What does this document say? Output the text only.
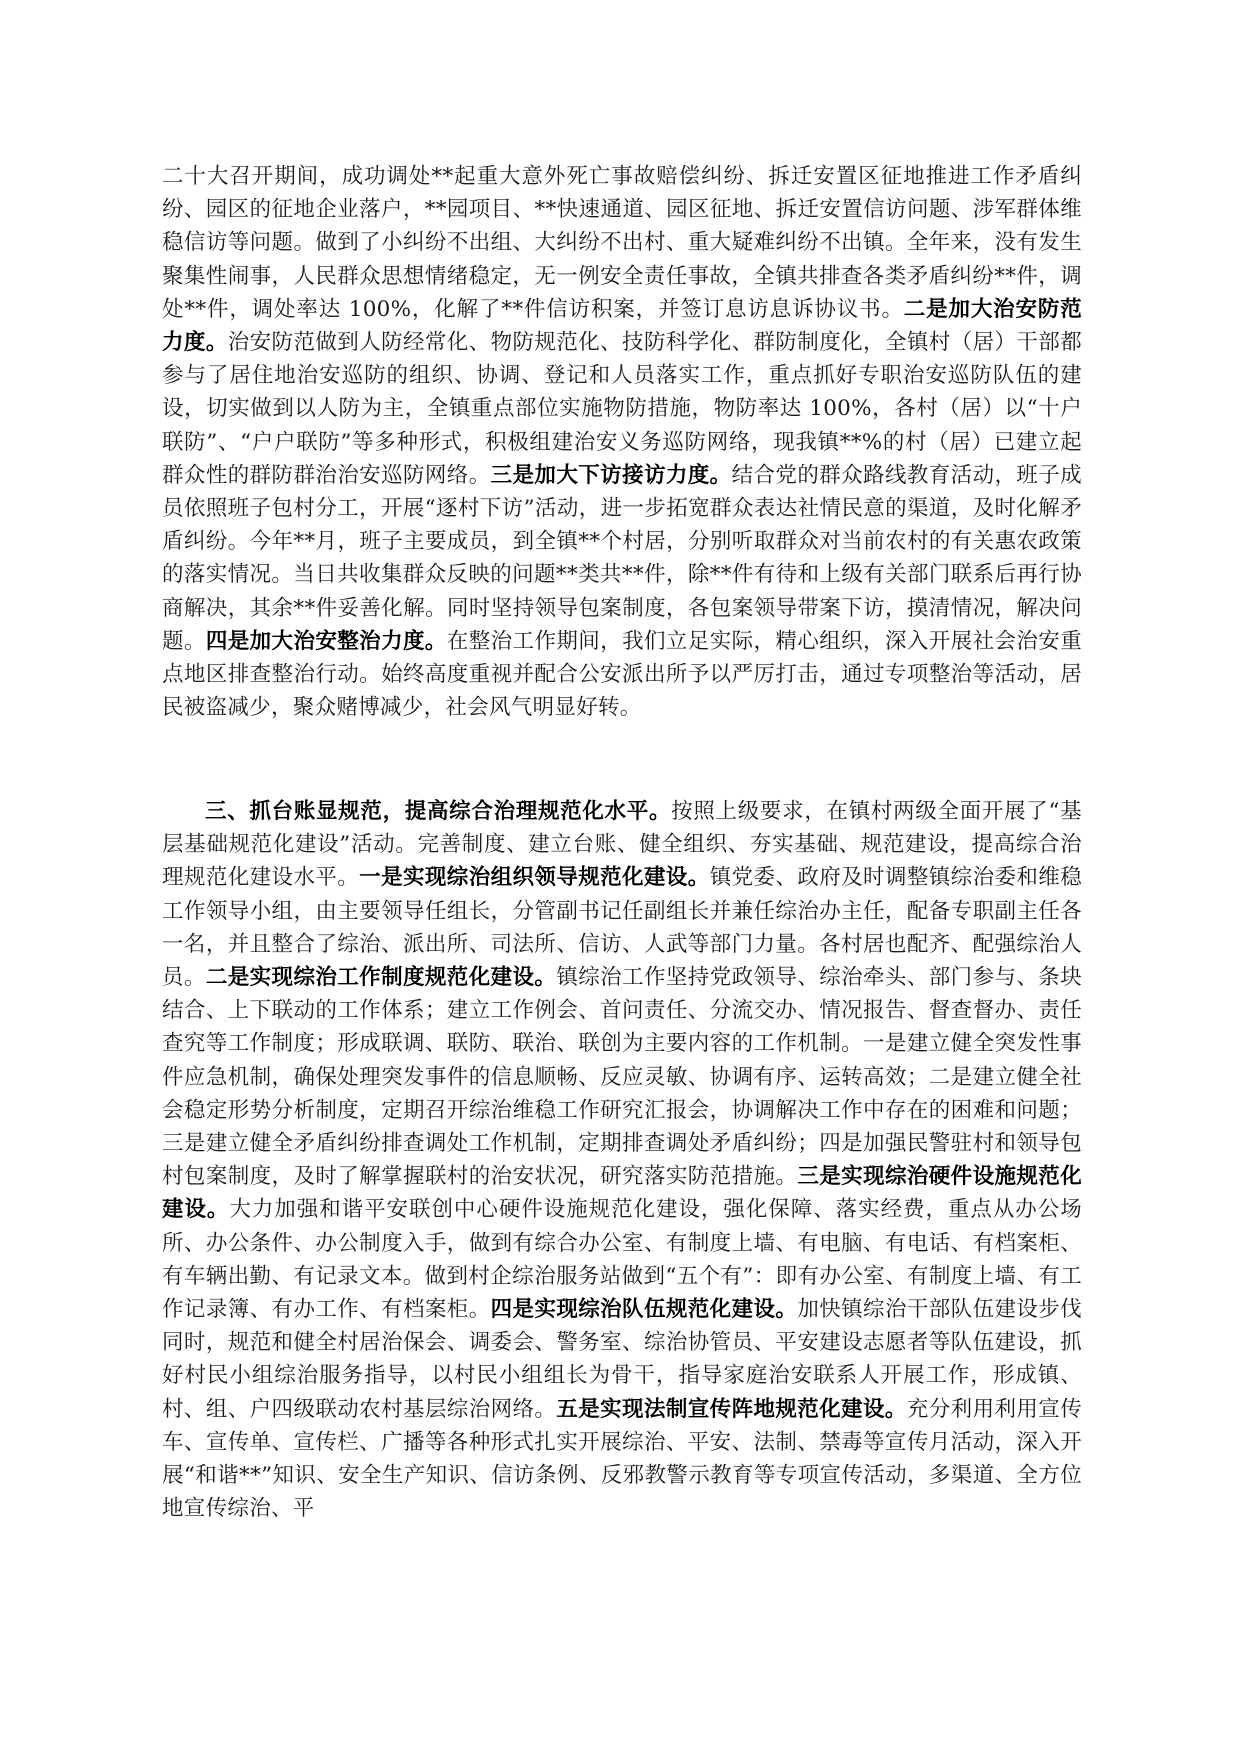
二十大召开期间，成功调处**起重大意外死亡事故赔偿纠纷、拆迁安置区征地推进工作矛盾纠纷、园区的征地企业落户，**园项目、**快速通道、园区征地、拆迁安置信访问题、涉军群体维稳信访等问题。做到了小纠纷不出组、大纠纷不出村、重大疑难纠纷不出镇。全年来，没有发生聚集性闹事，人民群众思想情绪稳定，无一例安全责任事故，全镇共排查各类矛盾纠纷**件，调处**件，调处率达 100%，化解了**件信访积案，并签订息访息诉协议书。二是加大治安防范力度。治安防范做到人防经常化、物防规范化、技防科学化、群防制度化，全镇村（居）干部都参与了居住地治安巡防的组织、协调、登记和人员落实工作，重点抓好专职治安巡防队伍的建设，切实做到以人防为主，全镇重点部位实施物防措施，物防率达 100%，各村（居）以“十户联防”、“户户联防”等多种形式，积极组建治安义务巡防网络，现我镇**%的村（居）已建立起群众性的群防群治治安巡防网络。三是加大下访接访力度。结合党的群众路线教育活动，班子成员依照班子包村分工，开展“逐村下访”活动，进一步拓宽群众表达社情民意的渠道，及时化解矛盾纠纷。今年**月，班子主要成员，到全镇**个村居，分别听取群众对当前农村的有关惠农政策的落实情况。当日共收集群众反映的问题**类共**件，除**件有待和上级有关部门联系后再行协商解决，其余**件妥善化解。同时坚持领导包案制度，各包案领导带案下访，摸清情况，解决问题。四是加大治安整治力度。在整治工作期间，我们立足实际，精心组织，深入开展社会治安重点地区排查整治行动。始终高度重视并配合公安派出所予以严厉打击，通过专项整治等活动，居民被盗减少，聚众赌博减少，社会风气明显好转。

三、抓台账显规范，提高综合治理规范化水平。按照上级要求，在镇村两级全面开展了“基层基础规范化建设”活动。完善制度、建立台账、健全组织、夯实基础、规范建设，提高综合治理规范化建设水平。一是实现综治组织领导规范化建设。镇党委、政府及时调整镇综治委和维稳工作领导小组，由主要领导任组长，分管副书记任副组长并兼任综治办主任，配备专职副主任各一名，并且整合了综治、派出所、司法所、信访、人武等部门力量。各村居也配齐、配强综治人员。二是实现综治工作制度规范化建设。镇综治工作坚持党政领导、综治牵头、部门参与、条块结合、上下联动的工作体系；建立工作例会、首问责任、分流交办、情况报告、督查督办、责任查究等工作制度；形成联调、联防、联治、联创为主要内容的工作机制。一是建立健全突发性事件应急机制，确保处理突发事件的信息顺畅、反应灵敏、协调有序、运转高效；二是建立健全社会稳定形势分析制度，定期召开综治维稳工作研究汇报会，协调解决工作中存在的困难和问题；三是建立健全矛盾纠纷排查调处工作机制，定期排查调处矛盾纠纷；四是加强民警驻村和领导包村包案制度，及时了解掌握联村的治安状况，研究落实防范措施。三是实现综治硬件设施规范化建设。大力加强和谐平安联创中心硬件设施规范化建设，强化保障、落实经费，重点从办公场所、办公条件、办公制度入手，做到有综合办公室、有制度上墙、有电脑、有电话、有档案柜、有车辆出勤、有记录文本。做到村企综治服务站做到“五个有”：即有办公室、有制度上墙、有工作记录簿、有办工作、有档案柜。四是实现综治队伍规范化建设。加快镇综治干部队伍建设步伐同时，规范和健全村居治保会、调委会、警务室、综治协管员、平安建设志愿者等队伍建设，抓好村民小组综治服务指导，以村民小组组长为骨干，指导家庭治安联系人开展工作，形成镇、村、组、户四级联动农村基层综治网络。五是实现法制宣传阵地规范化建设。充分利用利用宣传车、宣传单、宣传栏、广播等各种形式扎实开展综治、平安、法制、禁毒等宣传月活动，深入开展“和谐**”知识、安全生产知识、信访条例、反邪教警示教育等专项宣传活动，多渠道、全方位地宣传综治、平
